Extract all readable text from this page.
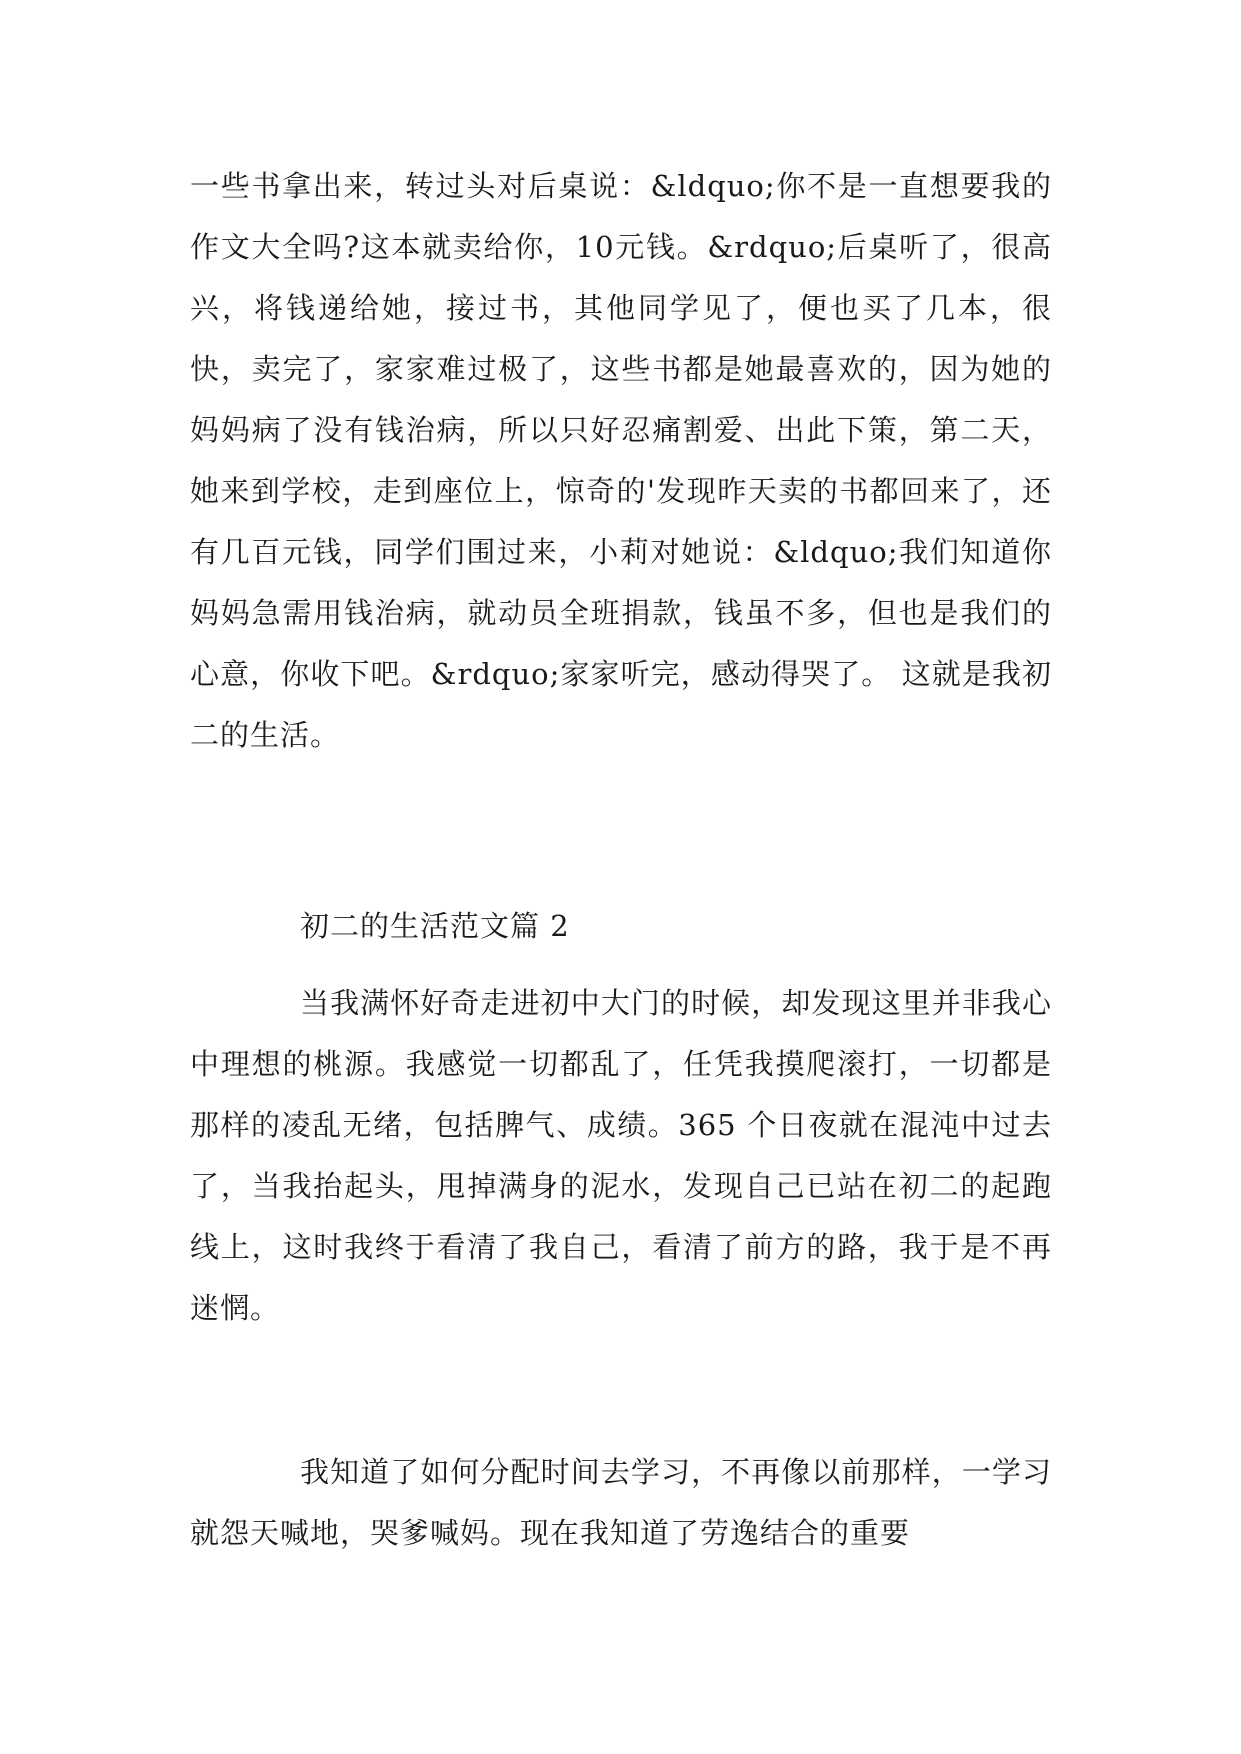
一些书拿出来，转过头对后桌说：&ldquo;你不是一直想要我的作文大全吗?这本就卖给你，10元钱。&rdquo;后桌听了，很高兴，将钱递给她，接过书，其他同学见了，便也买了几本，很快，卖完了，家家难过极了，这些书都是她最喜欢的，因为她的妈妈病了没有钱治病，所以只好忍痛割爱、出此下策，第二天，她来到学校，走到座位上，惊奇的'发现昨天卖的书都回来了，还有几百元钱，同学们围过来，小莉对她说：&ldquo;我们知道你妈妈急需用钱治病，就动员全班捐款，钱虽不多，但也是我们的心意，你收下吧。&rdquo;家家听完，感动得哭了。 这就是我初二的生活。

初二的生活范文篇 2

当我满怀好奇走进初中大门的时候，却发现这里并非我心中理想的桃源。我感觉一切都乱了，任凭我摸爬滚打，一切都是那样的凌乱无绪，包括脾气、成绩。365 个日夜就在混沌中过去了，当我抬起头，甩掉满身的泥水，发现自己已站在初二的起跑线上，这时我终于看清了我自己，看清了前方的路，我于是不再迷惘。

我知道了如何分配时间去学习，不再像以前那样，一学习就怨天喊地，哭爹喊妈。现在我知道了劳逸结合的重要
